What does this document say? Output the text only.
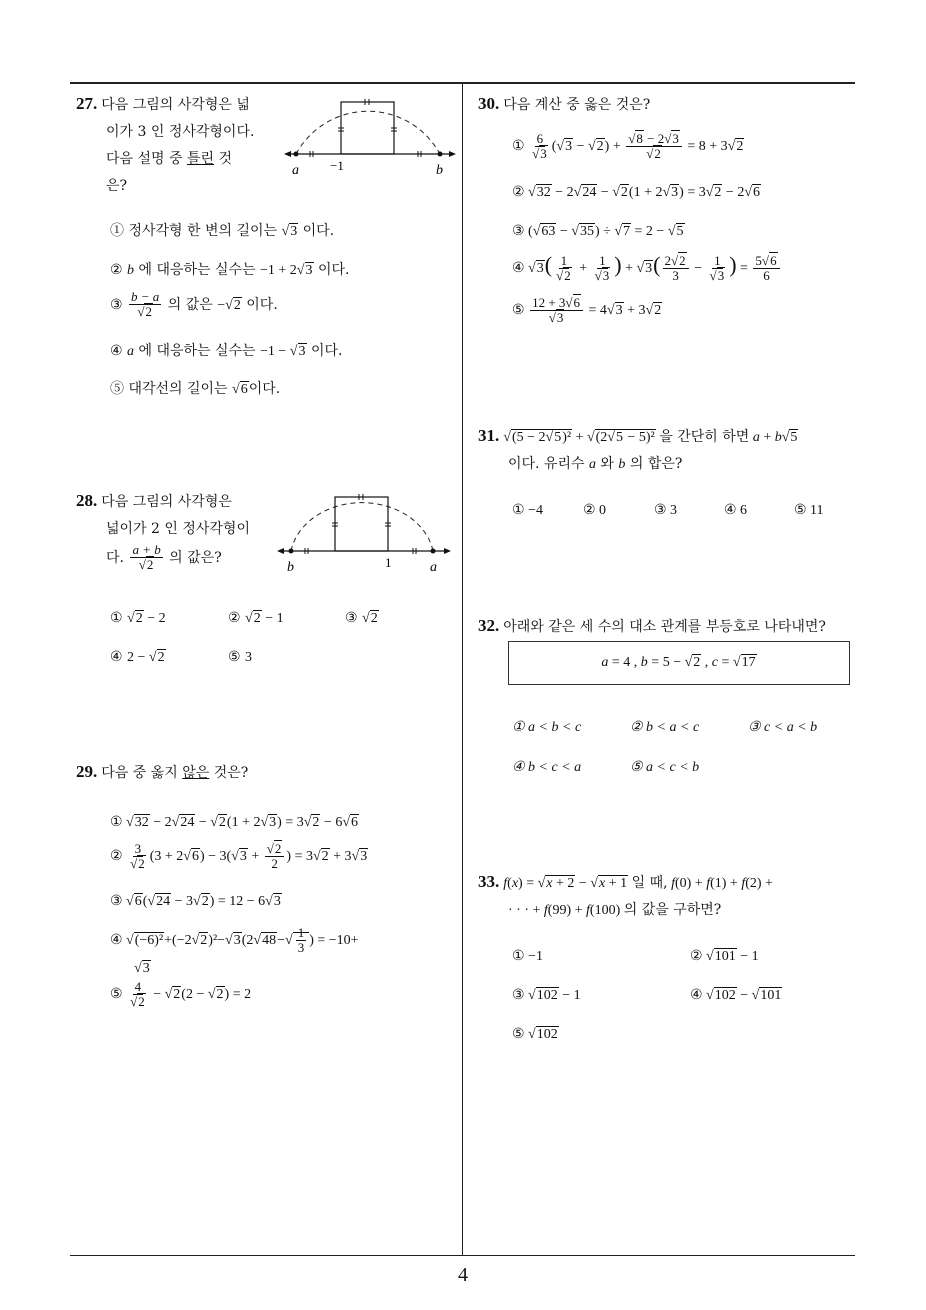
27. 다음 그림의 사각형은 넓
이가 3 인 정사각형이다.
다음 설명 중 틀린 것
은?
a −1	b
① 정사각형 한 변의 길이는 √3 이다.
② b 에 대응하는 실수는 −1 + 2√3 이다.
③ $\frac{b - a}{√2}$ 의 값은 −√2 이다.
④ a 에 대응하는 실수는 −1 − √3 이다.
⑤ 대각선의 길이는 √6이다.
28. 다음 그림의 사각형은
넓이가 2 인 정사각형이
다. $\frac{a + b}{√2}$ 의 값은?
b	1	a
① √2 − 2	② √2 − 1	③ √2
④ 2 − √2	⑤ 3
29. 다음 중 옳지 않은 것은?
① √32 − 2√24 − √2(1 + 2√3) = 3√2 − 6√6
② $\frac{3}{√2} (3 + 2√6) - 3(√3 + \frac{√2}{2}$ ) = 3√2 + 3√3
③ √6(√24 − 3√2) = 12 − 6√3
④ $√(-6)^2+(-2√2)^2-√3(2√48-√ \frac{1}{3}$ ) = −10+
√3
⑤ $\frac{4}{√2} - √2(2 - √2) = 2$
30. 다음 계산 중 옳은 것은?
① $\frac{6}{√3} (√3 - √2) + \frac{√8 - 2√3}{√2} = 8 + 3√2$
② √32 − 2√24 − √2(1 + 2√3) = 3√2 − 2√6
③ (√63 − √35) ÷ √7 = 2 − √5
④ $√3( \frac{1}{√2} + \frac{1}{√3}$ ) + $√3( \frac{2√2}{3} - \frac{1}{√3}$ ) = $\frac{5√6}{6}$
⑤ $\frac{12 + 3√6}{√3} = 4√3 + 3√2$
31. √(5 − 2√5)² + √(2√5 − 5)² 을 간단히 하면 a + b√5
이다. 유리수 a 와 b 의 합은?
① −4	② 0	③ 3	④ 6	⑤ 11
32. 아래와 같은 세 수의 대소 관계를 부등호로 나타내면?
a = 4 , b = 5 − √2 , c = √17
① a < b < c	② b < a < c	③ c < a < b
④ b < c < a	⑤ a < c < b
33. f(x) = √x + 2 − √x + 1 일 때, f(0) + f(1) + f(2) +
· · · + f(99) + f(100) 의 값을 구하면?
① −1	② √101 − 1
③ √102 − 1	④ √102 − √101
⑤ √102
4
